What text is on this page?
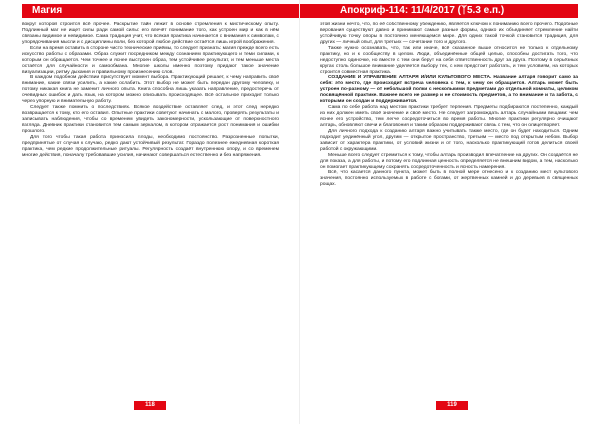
Магия

вокруг которой строится всё прочее. Раскрытие тайн лежит в основе стремления к мистическому опыту. Подлинный маг не ищет силы ради самой силы: его влечёт понимание того, как устроен мир и как в нём связаны видимое и невидимое. Сама традиция учит, что всякая практика начинается с внимания к символам, с упорядочивания мысли и с дисциплины воли, без которой любое действие остаётся лишь игрой воображения.

Если на время оставить в стороне чисто технические приёмы, то следует признать: магия прежде всего есть искусство работы с образами. Образ служит посредником между сознанием практикующего и теми силами, к которым он обращается. Чем точнее и яснее выстроен образ, тем устойчивее результат, и тем меньше места остаётся для случайности и самообмана. Многие школы именно поэтому придают такое значение визуализации, ритму дыхания и правильному произнесению слов.

В каждом подобном действии присутствует момент выбора. Практикующий решает, к чему направить своё внимание, какие связи усилить, а какие ослабить. Этот выбор не может быть передан другому человеку, и потому никакая книга не заменит личного опыта. Книга способна лишь указать направление, предостеречь от очевидных ошибок и дать язык, на котором можно описывать происходящее. Всё остальное приходит только через упорную и внимательную работу.

Следует также помнить о последствиях. Всякое воздействие оставляет след, и этот след нередко возвращается к тому, кто его оставил. Опытные практики советуют начинать с малого, проверять результаты и записывать наблюдения, чтобы со временем увидеть закономерности, ускользающие от поверхностного взгляда. Дневник практики становится тем самым зеркалом, в котором отражается рост понимания и ошибки прошлого.

Для того чтобы такая работа приносила плоды, необходимо постоянство. Разрозненные попытки, предпринятые от случая к случаю, редко дают устойчивый результат. Гораздо полезнее ежедневная короткая практика, чем редкие продолжительные ритуалы. Регулярность создаёт внутреннюю опору, и со временем многие действия, поначалу требовавшие усилия, начинают совершаться естественно и без напряжения.

118
Апокриф-114: 11/4/2017 (ᛉ5.3 е.п.)

этой жизни нечто, что, по её собственному убеждению, является ключом к пониманию всего прочего. Подобные верования существуют давно и принимают самые разные формы, однако их объединяет стремление найти устойчивую точку опоры в постоянно меняющемся мире. Для одних такой точкой становится традиция, для других — личный опыт, для третьих — сочетание того и другого.

Также нужно осознавать, что, так или иначе, всё сказанное выше относится не только к отдельному практику, но и к сообществу в целом. Люди, объединённые общей целью, способны достигать того, что недоступно одиночке, но вместе с тем они берут на себя ответственность друг за друга. Поэтому в серьёзных кругах столь большое внимание уделяется выбору тех, с кем предстоит работать, и тем условиям, на которых строится совместная практика.

СОЗДАНИЕ И УПРАВЛЕНИЕ АЛТАРЯ И/ИЛИ КУЛЬТОВОГО МЕСТА. Название алтаря говорит само за себя: это место, где происходит встреча человека с тем, к чему он обращается. Алтарь может быть устроен по-разному — от небольшой полки с несколькими предметами до отдельной комнаты, целиком посвящённой практике. Важнее всего не размер и не стоимость предметов, а то внимание и та забота, с которыми он создан и поддерживается.

Сама по себе работа над местом практики требует терпения. Предметы подбираются постепенно, каждый из них должен иметь своё значение и своё место. Не следует загромождать алтарь случайными вещами: чем яснее его устройство, тем легче сосредоточиться во время работы. Многие практики регулярно очищают алтарь, обновляют свечи и благовония и таким образом поддерживают связь с тем, что он олицетворяет.

Для личного подхода к созданию алтаря важно учитывать также место, где он будет находиться. Одним подходит уединённый угол, другим — открытое пространство, третьим — место под открытым небом. Выбор зависит от характера практики, от условий жизни и от того, насколько практикующий готов делиться своей работой с окружающими.

Меньше всего следует стремиться к тому, чтобы алтарь производил впечатление на других. Он создаётся не для показа, а для работы, и потому его подлинная ценность определяется не внешним видом, а тем, насколько он помогает практикующему сохранять сосредоточенность и ясность намерения.

Всё, что касается данного пункта, может быть в полной мере отнесено и к созданию мест культового значения, постоянно используемых в работе с богами, от жертвенных камней и до деревьев в священных рощах.

119
